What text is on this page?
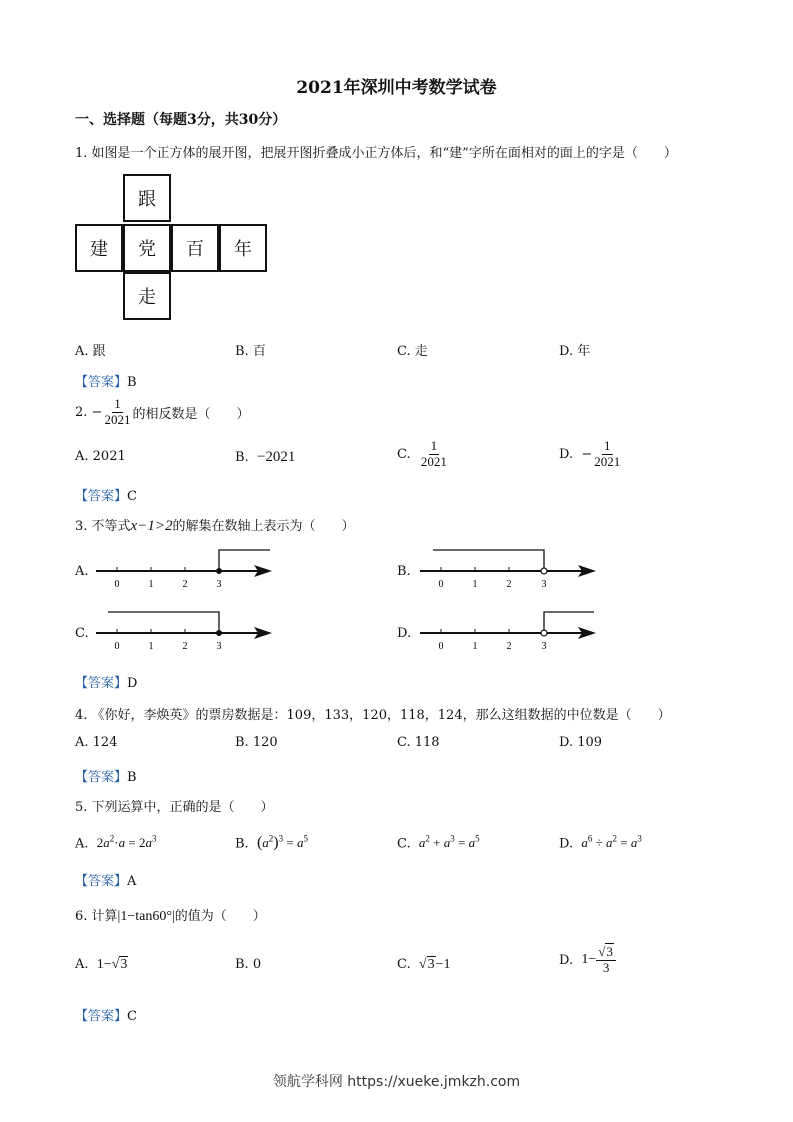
2021年深圳中考数学试卷
一、选择题（每题3分，共30分）
1. 如图是一个正方体的展开图，把展开图折叠成小正方体后，和“建”字所在面相对的面上的字是（　　）
跟
建	党	百	年
走
A. 跟	B. 百	C. 走	D. 年
【答案】B
2. − $\frac{1}{2021}$ 的相反数是（　　）
A. 2021	B. −2021	C.
$\frac{1}{2021}$	D.
− $\frac{1}{2021}$
【答案】C
3. 不等式x−1>2的解集在数轴上表示为（　　）
A.	B.
C.	D.
0	1	2	3	0	1	2	3
0	1	2	3	0	1	2	3
【答案】D
4. 《你好，李焕英》的票房数据是：109，133，120，118，124，那么这组数据的中位数是（　　）
A. 124	B. 120	C. 118	D. 109
【答案】B
5. 下列运算中，正确的是（　　）
A. $2a^2\cdot a = 2a^3$	B. $(a^2)^3 = a^5$	C. $a^2 + a^3 = a^5$	D. $a^6 \div a^2 = a^3$
【答案】A
6. 计算|1−tan60°|的值为（　　）
A. 1−√3	B. 0	C. √3−1	D.
$1- \frac{√3}{3}$
【答案】C
领航学科网 https://xueke.jmkzh.com
